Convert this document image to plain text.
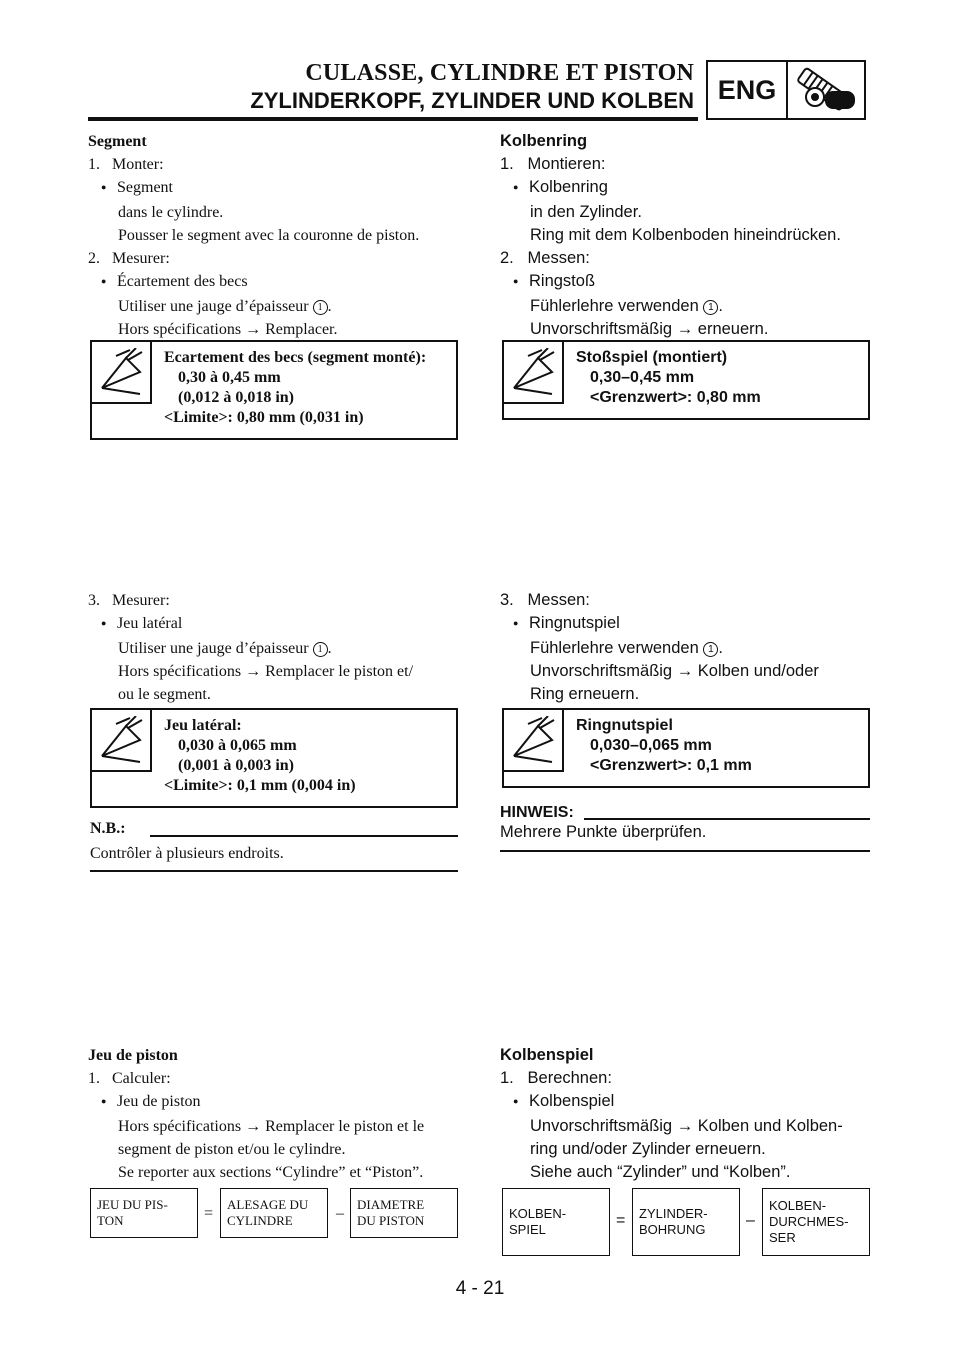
CULASSE, CYLINDRE ET PISTON
ZYLINDERKOPF, ZYLINDER UND KOLBEN ENG

Segment

1. Monter:

●Segment

dans le cylindre.

Pousser le segment avec la couronne de piston.

2. Mesurer:

●Écartement des becs

Utiliser une jauge d’épaisseur 1 .

Hors spécifications → Remplacer.

Ecartement des becs (segment monté):

0,30 à 0,45 mm

(0,012 à 0,018 in)

<Limite>: 0,80 mm (0,031 in)

3. Mesurer:

●Jeu latéral

Utiliser une jauge d’épaisseur 1 .

Hors spécifications → Remplacer le piston et/

ou le segment.

Jeu latéral:

0,030 à 0,065 mm

(0,001 à 0,003 in)

<Limite>: 0,1 mm (0,004 in)

N.B.:
Contrôler à plusieurs endroits.

Jeu de piston

1. Calculer:

●Jeu de piston

Hors spécifications → Remplacer le piston et le

segment de piston et/ou le cylindre.

Se reporter aux sections “Cylindre” et “Piston”.

JEU DU PIS-

TON	=

ALESAGE DU

CYLINDRE	–

DIAMETRE

DU PISTON

Kolbenring

1. Montieren:

●Kolbenring

in den Zylinder.

Ring mit dem Kolbenboden hineindrücken.

2. Messen:

●Ringstoß

Fühlerlehre verwenden 1 .

Unvorschriftsmäßig → erneuern.

Stoßspiel (montiert)

0,30–0,45 mm

<Grenzwert>: 0,80 mm

3. Messen:

●Ringnutspiel

Fühlerlehre verwenden 1 .

Unvorschriftsmäßig → Kolben und/oder

Ring erneuern.

Ringnutspiel

0,030–0,065 mm

<Grenzwert>: 0,1 mm

HINWEIS:
Mehrere Punkte überprüfen.

Kolbenspiel

1. Berechnen:

●Kolbenspiel

Unvorschriftsmäßig → Kolben und Kolben-

ring und/oder Zylinder erneuern.

Siehe auch “Zylinder” und “Kolben”.

KOLBEN-

SPIEL

= ZYLINDER-

BOHRUNG

–

KOLBEN-

DURCHMES-

SER

4 - 21
